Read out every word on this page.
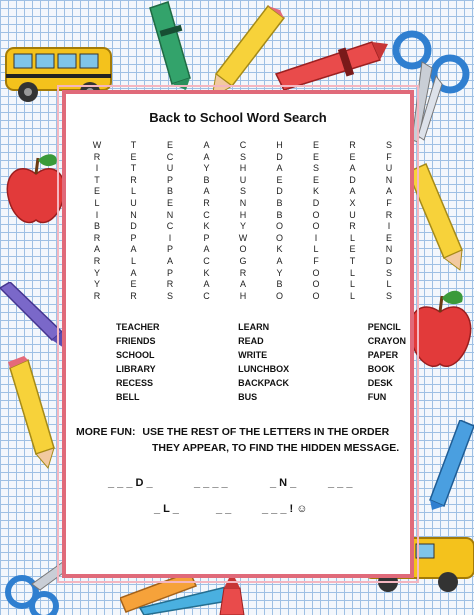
Back to School Word Search
W	T	E	A	C	H	E	R	S
R	E	C	A	S	D	E	E	F
I	T	U	Y	H	A	S	A	U
T	R	P	B	U	E	E	D	N
E	L	B	A	S	D	K	A	A
L	U	E	R	N	B	D	X	F
I	N	N	C	H	B	O	U	R
B	D	C	K	Y	O	O	R	I
R	P	I	P	W	O	I	L	E
A	A	P	A	O	K	L	E	N
R	L	A	C	G	A	F	T	D
Y	A	P	K	R	Y	O	L	S
Y	E	R	A	A	B	O	L	L
R	R	S	C	H	O	O	L	S
TEACHER
FRIENDS
SCHOOL
LIBRARY
RECESS
BELL
LEARN
READ
WRITE
LUNCHBOX
BACKPACK
BUS
PENCIL
CRAYON
PAPER
BOOK
DESK
FUN
MORE FUN: USE THE REST OF THE LETTERS IN THE ORDER
THEY APPEAR, TO FIND THE HIDDEN MESSAGE.
_ _ _ D _	_ _ _ _	_ N _	_ _ _
_ L _	_ _	_ _ _ ! ☺
